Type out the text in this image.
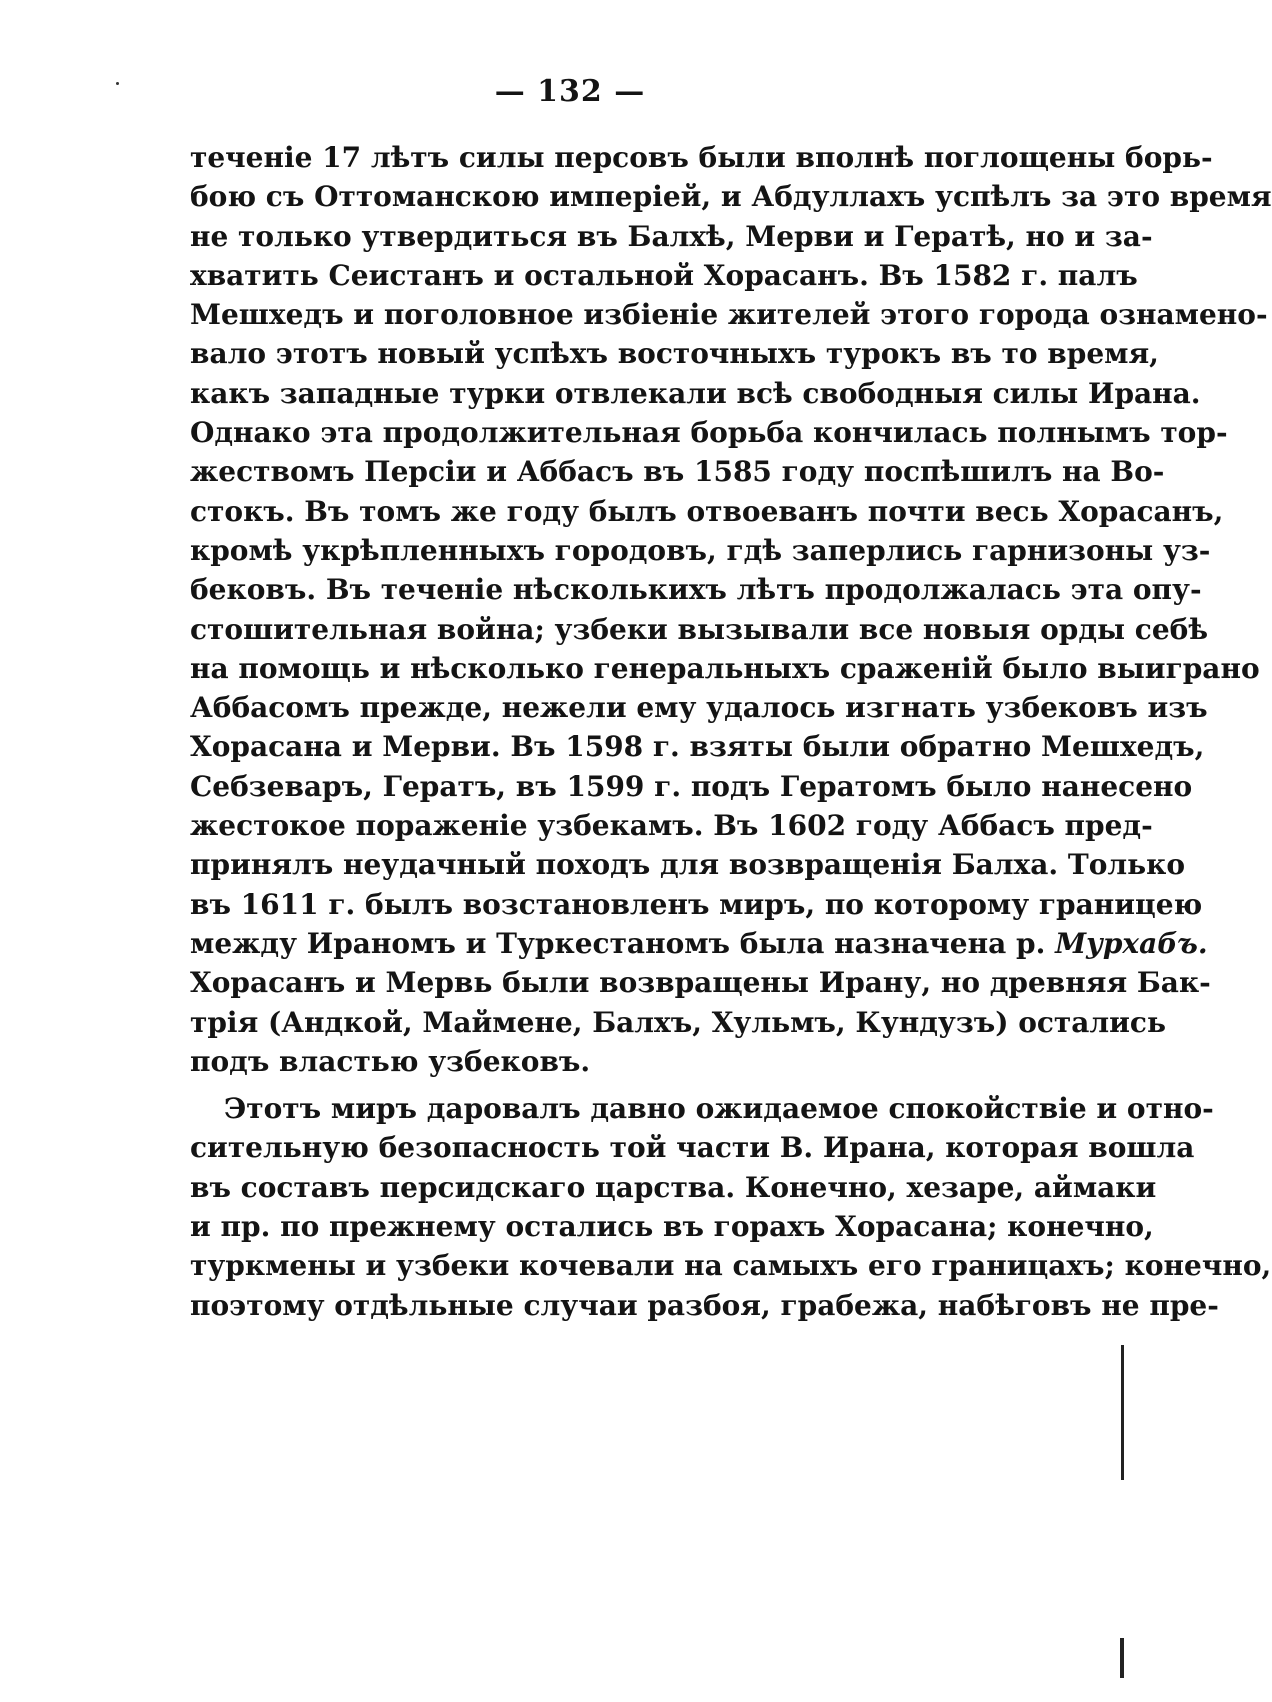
— 132 —
теченіе 17 лѣтъ силы персовъ были вполнѣ поглощены борь-
бою съ Оттоманскою имперіей, и Абдуллахъ успѣлъ за это время
не только утвердиться въ Балхѣ, Мерви и Гератѣ, но и за-
хватить Сеистанъ и остальной Хорасанъ. Въ 1582 г. палъ
Мешхедъ и поголовное избіеніе жителей этого города ознамено-
вало этотъ новый успѣхъ восточныхъ турокъ въ то время,
какъ западные турки отвлекали всѣ свободныя силы Ирана.
Однако эта продолжительная борьба кончилась полнымъ тор-
жествомъ Персіи и Аббасъ въ 1585 году поспѣшилъ на Во-
стокъ. Въ томъ же году былъ отвоеванъ почти весь Хорасанъ,
кромѣ укрѣпленныхъ городовъ, гдѣ заперлись гарнизоны уз-
бековъ. Въ теченіе нѣсколькихъ лѣтъ продолжалась эта опу-
стошительная война; узбеки вызывали все новыя орды себѣ
на помощь и нѣсколько генеральныхъ сраженій было выиграно
Аббасомъ прежде, нежели ему удалось изгнать узбековъ изъ
Хорасана и Мерви. Въ 1598 г. взяты были обратно Мешхедъ,
Себзеваръ, Гератъ, въ 1599 г. подъ Гератомъ было нанесено
жестокое пораженіе узбекамъ. Въ 1602 году Аббасъ пред-
принялъ неудачный походъ для возвращенія Балха. Только
въ 1611 г. былъ возстановленъ миръ, по которому границею
между Ираномъ и Туркестаномъ была назначена р. Мурхабъ.
Хорасанъ и Мервь были возвращены Ирану, но древняя Бак-
трія (Андкой, Маймене, Балхъ, Хульмъ, Кундузъ) остались
подъ властью узбековъ.
Этотъ миръ даровалъ давно ожидаемое спокойствіе и отно-
сительную безопасность той части В. Ирана, которая вошла
въ составъ персидскаго царства. Конечно, хезаре, аймаки
и пр. по прежнему остались въ горахъ Хорасана; конечно,
туркмены и узбеки кочевали на самыхъ его границахъ; конечно,
поэтому отдѣльные случаи разбоя, грабежа, набѣговъ не пре-
